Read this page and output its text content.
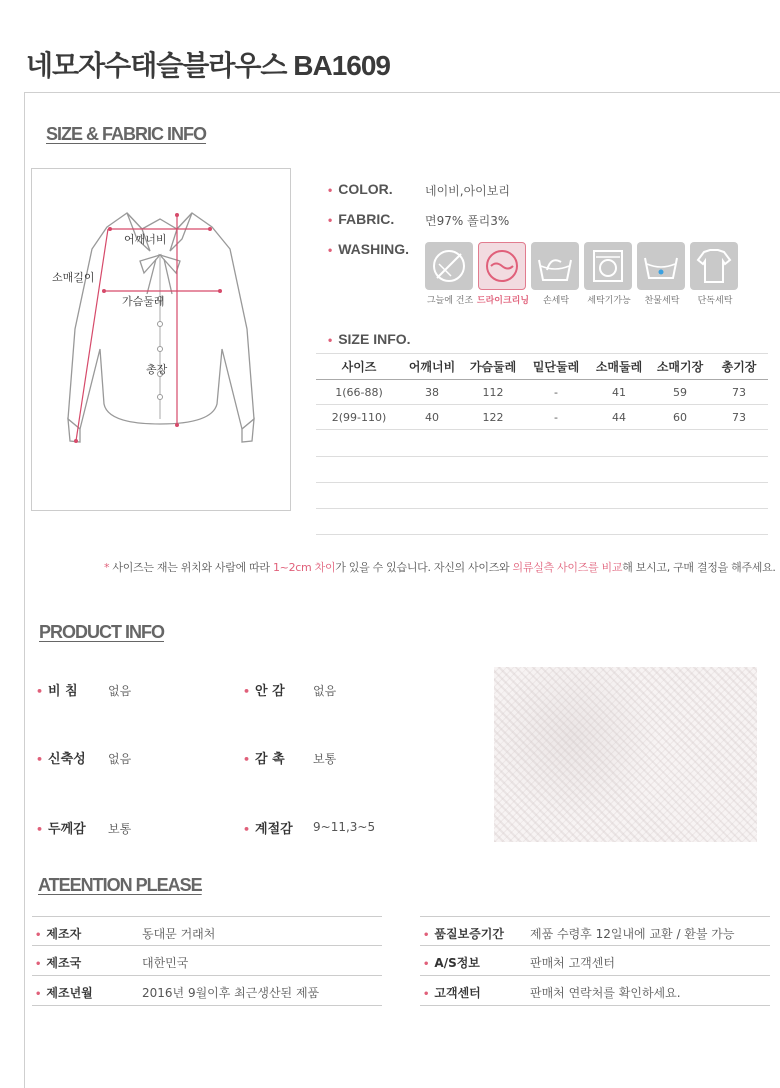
네모자수태슬블라우스 BA1609
SIZE & FABRIC INFO
어깨너비
소매길이
가슴둘레
총장
• COLOR.	네이비,아이보리
• FABRIC.	면97% 폴리3%
• WASHING.
그늘에 건조 드라이크리닝	손세탁	세탁기가능	찬물세탁	단독세탁
• SIZE INFO.
사이즈	어깨너비	가슴둘레	밑단둘레	소매둘레	소매기장	총기장
1(66-88)	38	112	-	41	59	73
2(99-110)	40	122	-	44	60	73
* 사이즈는 재는 위치와 사람에 따라 1~2cm 차이가 있을 수 있습니다. 자신의 사이즈와 의류실측 사이즈를 비교해 보시고, 구매 결정을 해주세요.
PRODUCT INFO
• 비 침	없음	• 안 감 없음
• 신축성 없음	• 감 촉 보통
• 두께감 보통	• 계절감 9~11,3~5
ATEENTION PLEASE
• 제조자	동대문 거래처	• 품질보증기간 제품 수령후 12일내에 교환 / 환불 가능
• 제조국	대한민국	• A/S정보	판매처 고객센터
• 제조년월	2016년 9월이후 최근생산된 제품	• 고객센터	판매처 연락처를 확인하세요.
